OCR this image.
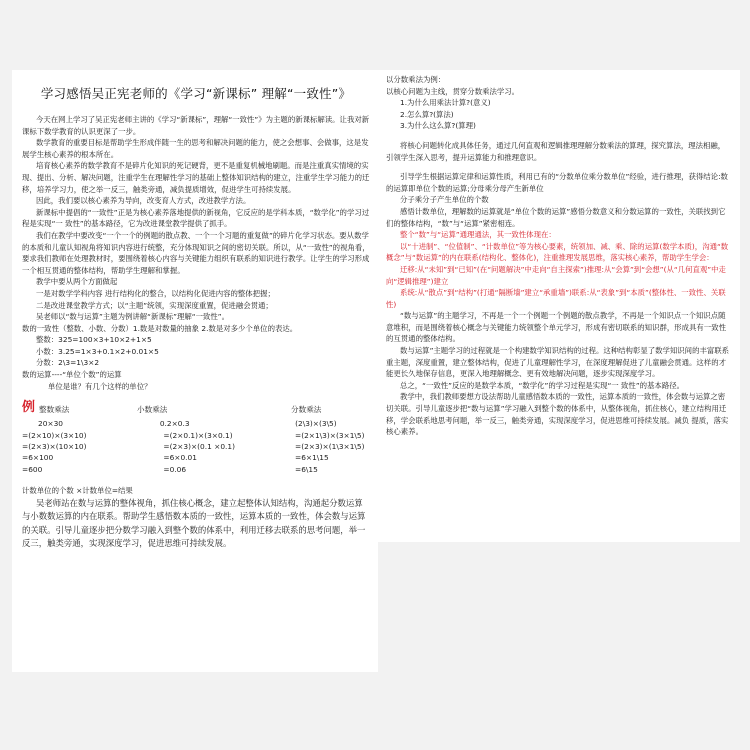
学习感悟吴正宪老师的《学习“新课标” 理解“一致性”》

今天在网上学习了吴正宪老师主讲的《学习“新课标”，理解“一致性”》为主题的新课标解读。让我对新课标下数学教育的认识更深了一步。

数学教育的重要目标是帮助学生形成伴随一生的思考和解决问题的能力，使之会想事、会做事，这是发展学生核心素养的根本所在。

培育核心素养的数学教育不是碎片化知识的死记硬背，更不是重复机械地刷题。而是注重真实情境的实现、提出、分析、解决问题，注重学生在理解性学习的基础上整体知识结构的建立，注重学生学习能力的迁移，培养学习力，使之举一反三，触类旁通，减负提质增效，促进学生可持续发展。

因此，我们要以核心素养为导向，改变育人方式，改进教学方法。

新课标中提倡的“一致性”正是为核心素养落地提供的新视角，它反应的是学科本质，“数学化”的学习过程是实现“一 致性”的基本路径，它为改进课堂教学提供了抓手。

我们在教学中要改变“一个一个的例题的散点教、一个一个习题的重复做”的碎片化学习状态。要从数学的本质和儿童认知视角将知识内容进行统整，充分体现知识之间的密切关联。所以，从“一致性”的视角看，要求我们教师在处理教材时，要围绕着核心内容与关键能力组织有联系的知识进行教学。让学生的学习形成一个相互贯通的整体结构，帮助学生理解和掌握。

教学中要从两个方面做起

一是对数学学科内容 进行结构化的整合，以结构化促进内容的整体把握；

二是改进课堂教学方式；以“主题”统领，实现深度重置，促进融会贯通；

吴老师以“数与运算”主题为例讲解“新课标”理解“一致性”。

数的一致性（整数、小数、分数）1.数是对数量的抽象 2.数是对多少个单位的表达。

整数：325=100×3+10×2+1×5

小数：3.25=1×3+0.1×2+0.01×5

分数：2\3=1\3×2

数的运算----“单位个数”的运算

单位是谁？有几个这样的单位？

例 整数乘法	小数乘法	分数乘法
20×30	0.2×0.3	(2\3)×(3\5)
=(2×10)×(3×10)	=(2×0.1)×(3×0.1)	=(2×1\3)×(3×1\5)
=(2×3)×(10×10)	=(2×3)×(0.1 ×0.1)	=(2×3)×(1\3×1\5)
=6×100	=6×0.01	=6×1\15
=600	=0.06	=6\15

计数单位的个数 ×计数单位=结果

吴老师站在数与运算的整体视角，抓住核心概念，建立起整体认知结构，沟通起分数运算与小数数运算的内在联系。帮助学生感悟数本质的一致性，运算本质的一致性，体会数与运算的关联。引导儿童逐步把分数学习融入到整个数的体系中，利用迁移去联系的思考问题，举一反三，触类旁通，实现深度学习，促进思维可持续发展。

以分数乘法为例：

以核心问题为主线，贯穿分数乘法学习。

1.为什么用乘法计算?(意义)

2.怎么算?(算法)

3.为什么这么算?(算理)

将核心问题转化成具体任务，通过几何直观和逻辑推理理解分数乘法的算理，探究算法，理法相融，引领学生深入思考，提升运算能力和推理意识。

引导学生根据运算定律和运算性质，利用已有的“分数单位乘分数单位”经验，进行推理，获得结论:数的运算即单位个数的运算;分母乘分母产生新单位

分子乘分子产生单位的个数

感悟计数单位，理解数的运算就是“单位个数的运算”感悟分数意义和分数运算的一致性，关联找到它们的整体结构，“数”与“运算”紧密相连。

整个“数”与“运算”通理通法，其一致性体现在：

以“十进制”、“位值制”、“计数单位”等为核心要素，统领加、减、乘、除的运算(数学本质)，沟通“数概念”与“数运算”的内在联系(结构化、整体化)，注重推理发展思维，落实核心素养，帮助学生学会：

迁移:从“未知”到“已知”(在“问题解决”中走向“自主探索”)推理:从“会算”到“会想”(从“几何直观”中走向“逻辑推理”)建立

系统:从“散点”到“结构”(打通“隔断墙”建立“承重墙”)联系:从“表象”到“本质”(整体性、一致性、关联性)

“数与运算”的主题学习，不再是一个一个例题一个例题的散点教学，不再是一个知识点一个知识点随意堆积，而是围绕着核心概念与关键能力统领整个单元学习，形成有密切联系的知识群，形成具有一致性的互贯通的整体结构。

数与运算”主题学习的过程就是一个构建数学知识结构的过程。这种结构彰显了数学知识间的丰富联系重主题，深度重置，建立整体结构，促进了儿童理解性学习，在深度理解促进了儿童融会贯通。这样的才能更长久地保存信息，更深入地理解概念、更有效地解决问题，逐步实现深度学习。

总之，“一致性”反应的是数学本质，“数学化”的学习过程是实现“一 致性”的基本路径。

教学中，我们教师要想方设法帮助儿童感悟数本质的一致性，运算本质的一致性，体会数与运算之密切关联。引导儿童逐步把“数与运算”学习融入到整个数的体系中，从整体视角，抓住核心，建立结构用迁移，学会联系地思考问题，举一反三，触类旁通，实现深度学习，促进思维可持续发展。减负 提质，落实核心素养。
